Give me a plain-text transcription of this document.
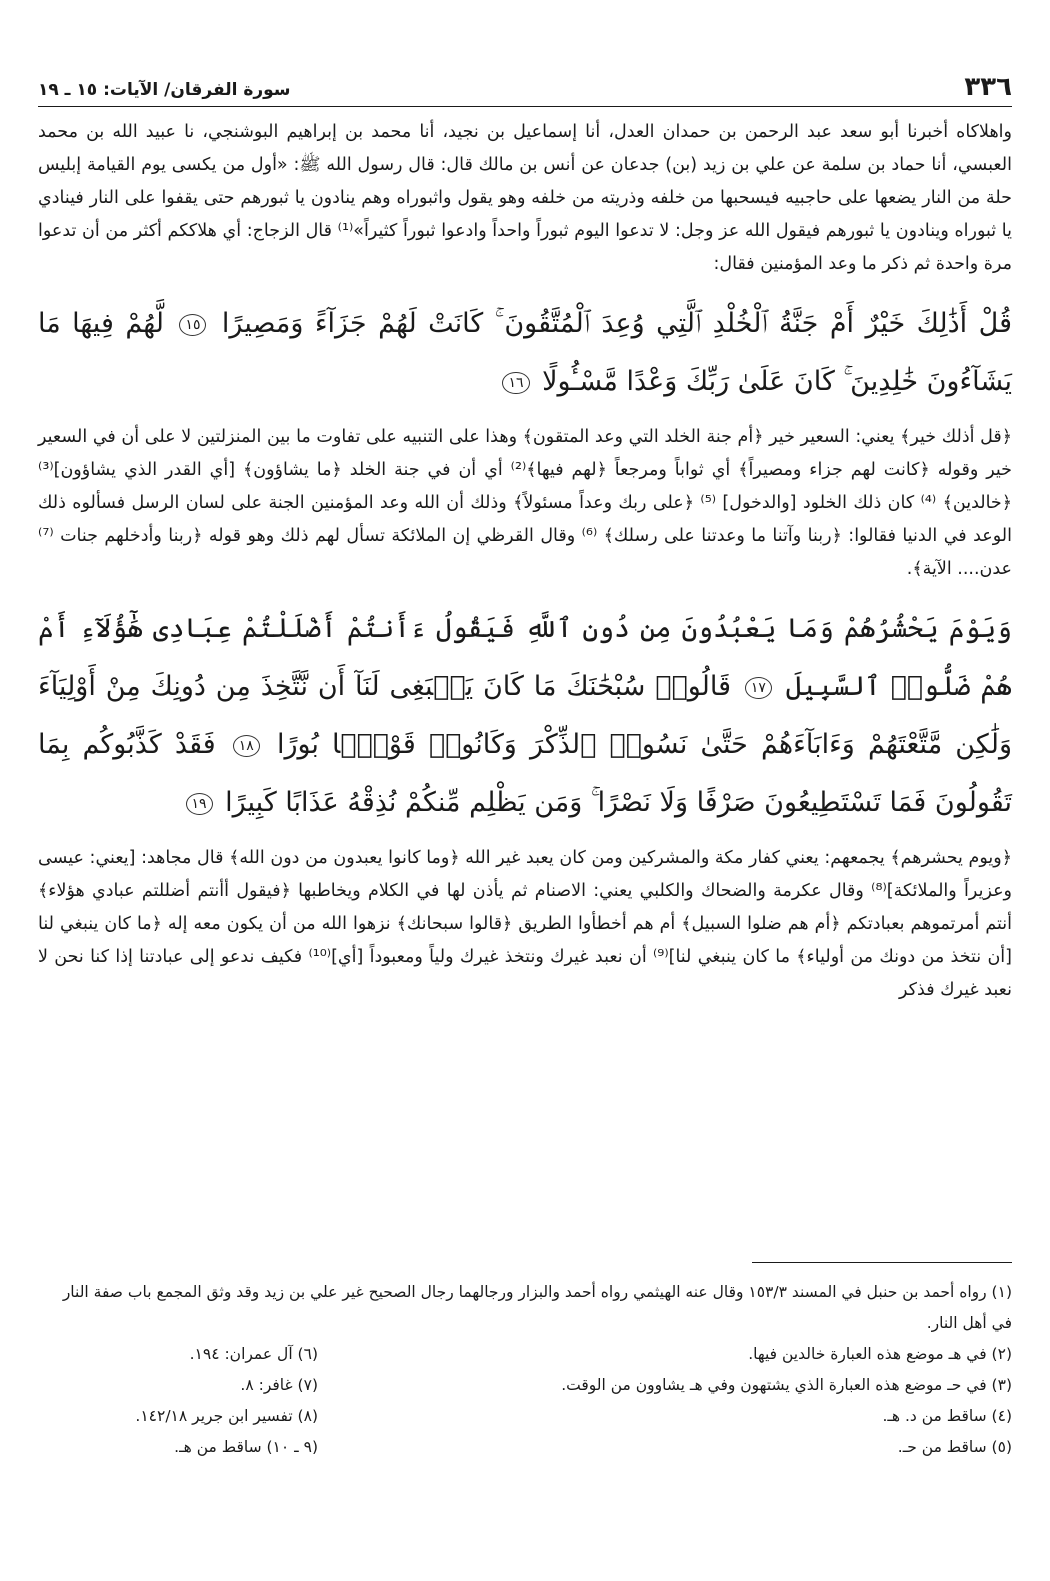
٣٣٦
سورة الفرقان/ الآيات: ١٥ ـ ١٩

واهلاكاه أخبرنا أبو سعد عبد الرحمن بن حمدان العدل، أنا إسماعيل بن نجيد، أنا محمد بن إبراهيم البوشنجي، نا عبيد الله بن محمد العبسي، أنا حماد بن سلمة عن علي بن زيد (بن) جدعان عن أنس بن مالك قال: قال رسول الله ﷺ: «أول من يكسى يوم القيامة إبليس حلة من النار يضعها على حاجبيه فيسحبها من خلفه وذريته من خلفه وهو يقول واثبوراه وهم ينادون يا ثبورهم حتى يقفوا على النار فينادي يا ثبوراه وينادون يا ثبورهم فيقول الله عز وجل: لا تدعوا اليوم ثبوراً واحداً وادعوا ثبوراً كثيراً»⁽¹⁾ قال الزجاج: أي هلاككم أكثر من أن تدعوا مرة واحدة ثم ذكر ما وعد المؤمنين فقال:

قُلْ أَذَٰلِكَ خَيْرٌ أَمْ جَنَّةُ ٱلْخُلْدِ ٱلَّتِي وُعِدَ ٱلْمُتَّقُونَ ۚ كَانَتْ لَهُمْ جَزَآءً وَمَصِيرًا ١٥ لَّهُمْ فِيهَا مَا يَشَآءُونَ خَٰلِدِينَ ۚ كَانَ عَلَىٰ رَبِّكَ وَعْدًا مَّسْـُٔولًا ١٦

﴿قل أذلك خير﴾ يعني: السعير خير ﴿أم جنة الخلد التي وعد المتقون﴾ وهذا على التنبيه على تفاوت ما بين المنزلتين لا على أن في السعير خير وقوله ﴿كانت لهم جزاء ومصيراً﴾ أي ثواباً ومرجعاً ﴿لهم فيها﴾⁽²⁾ أي أن في جنة الخلد ﴿ما يشاؤون﴾ [أي القدر الذي يشاؤون]⁽³⁾ ﴿خالدين﴾ ⁽⁴⁾ كان ذلك الخلود [والدخول] ⁽⁵⁾ ﴿على ربك وعداً مسئولاً﴾ وذلك أن الله وعد المؤمنين الجنة على لسان الرسل فسألوه ذلك الوعد في الدنيا فقالوا: ﴿ربنا وآتنا ما وعدتنا على رسلك﴾ ⁽⁶⁾ وقال القرظي إن الملائكة تسأل لهم ذلك وهو قوله ﴿ربنا وأدخلهم جنات ⁽⁷⁾ عدن.... الآية﴾.

وَيَوْمَ يَحْشُرُهُمْ وَمَا يَعْبُدُونَ مِن دُونِ ٱللَّهِ فَيَقُولُ ءَأَنتُمْ أَضْلَلْتُمْ عِبَادِى هَٰٓؤُلَآءِ أَمْ هُمْ ضَلُّوا۟ ٱلسَّبِيلَ ١٧ قَالُوا۟ سُبْحَٰنَكَ مَا كَانَ يَنۢبَغِى لَنَآ أَن نَّتَّخِذَ مِن دُونِكَ مِنْ أَوْلِيَآءَ وَلَٰكِن مَّتَّعْتَهُمْ وَءَابَآءَهُمْ حَتَّىٰ نَسُوا۟ ٱلذِّكْرَ وَكَانُوا۟ قَوْمًۢا بُورًا ١٨ فَقَدْ كَذَّبُوكُم بِمَا تَقُولُونَ فَمَا تَسْتَطِيعُونَ صَرْفًا وَلَا نَصْرًا ۚ وَمَن يَظْلِم مِّنكُمْ نُذِقْهُ عَذَابًا كَبِيرًا ١٩

﴿ويوم يحشرهم﴾ يجمعهم: يعني كفار مكة والمشركين ومن كان يعبد غير الله ﴿وما كانوا يعبدون من دون الله﴾ قال مجاهد: [يعني: عيسى وعزيراً والملائكة]⁽⁸⁾ وقال عكرمة والضحاك والكلبي يعني: الاصنام ثم يأذن لها في الكلام ويخاطبها ﴿فيقول أأنتم أضللتم عبادي هؤلاء﴾ أنتم أمرتموهم بعبادتكم ﴿أم هم ضلوا السبيل﴾ أم هم أخطأوا الطريق ﴿قالوا سبحانك﴾ نزهوا الله من أن يكون معه إله ﴿ما كان ينبغي لنا [أن نتخذ من دونك من أولياء﴾ ما كان ينبغي لنا]⁽⁹⁾ أن نعبد غيرك ونتخذ غيرك ولياً ومعبوداً [أي]⁽¹⁰⁾ فكيف ندعو إلى عبادتنا إذا كنا نحن لا نعبد غيرك فذكر

(١) رواه أحمد بن حنبل في المسند ١٥٣/٣ وقال عنه الهيثمي رواه أحمد والبزار ورجالهما رجال الصحيح غير علي بن زيد وقد وثق المجمع باب صفة النار في أهل النار.
(٢) في هـ موضع هذه العبارة خالدين فيها.
(٦) آل عمران: ١٩٤.
(٣) في حـ موضع هذه العبارة الذي يشتهون وفي هـ يشاوون من الوقت.
(٧) غافر: ٨.
(٤) ساقط من د. هـ.
(٨) تفسير ابن جرير ١٤٢/١٨.
(٥) ساقط من حـ.
(٩ ـ ١٠) ساقط من هـ.
